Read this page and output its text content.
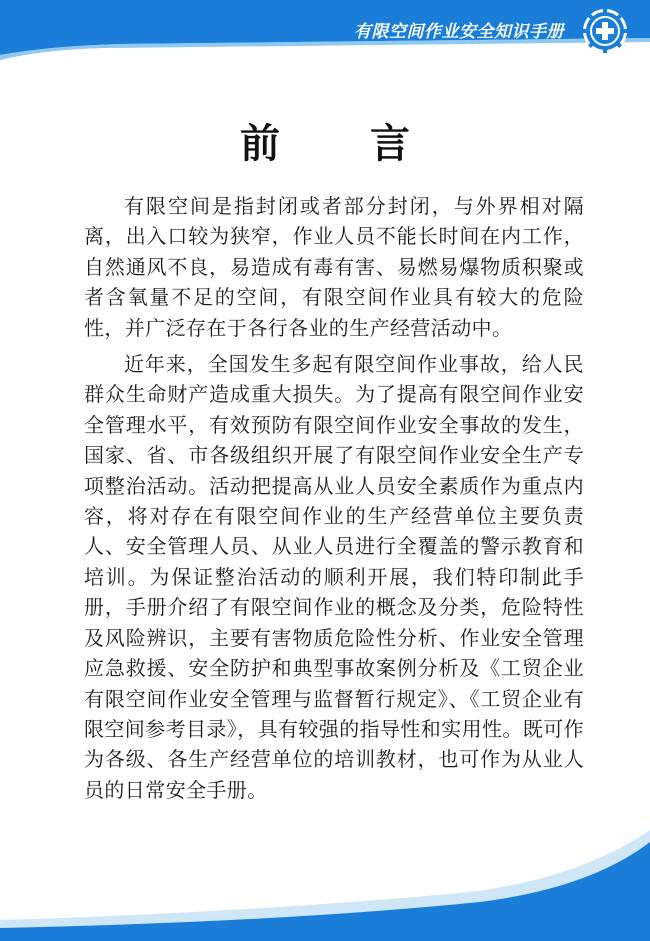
有限空间作业安全知识手册
前 言

有限空间是指封闭或者部分封闭，与外界相对隔离，出入口较为狭窄，作业人员不能长时间在内工作，自然通风不良，易造成有毒有害、易燃易爆物质积聚或者含氧量不足的空间，有限空间作业具有较大的危险性，并广泛存在于各行各业的生产经营活动中。

近年来，全国发生多起有限空间作业事故，给人民群众生命财产造成重大损失。为了提高有限空间作业安全管理水平，有效预防有限空间作业安全事故的发生，国家、省、市各级组织开展了有限空间作业安全生产专项整治活动。活动把提高从业人员安全素质作为重点内容，将对存在有限空间作业的生产经营单位主要负责人、安全管理人员、从业人员进行全覆盖的警示教育和培训。为保证整治活动的顺利开展，我们特印制此手册，手册介绍了有限空间作业的概念及分类，危险特性及风险辨识，主要有害物质危险性分析、作业安全管理应急救援、安全防护和典型事故案例分析及《工贸企业有限空间作业安全管理与监督暂行规定》、《工贸企业有限空间参考目录》，具有较强的指导性和实用性。既可作为各级、各生产经营单位的培训教材，也可作为从业人员的日常安全手册。
